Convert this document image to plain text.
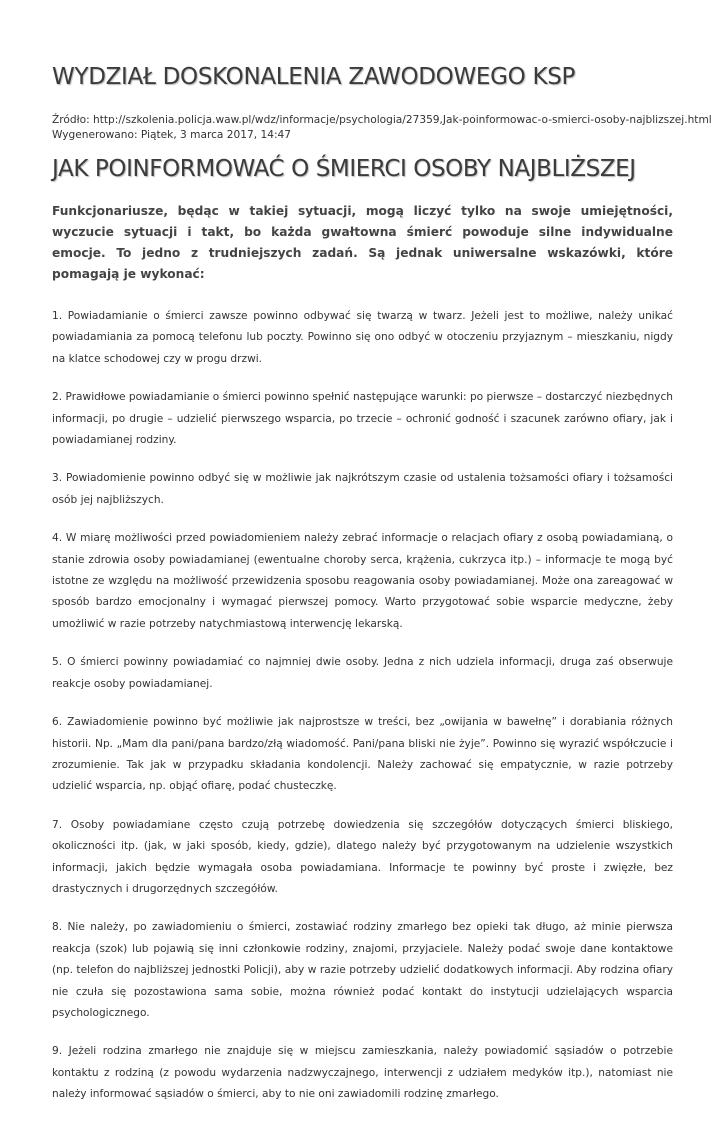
WYDZIAŁ DOSKONALENIA ZAWODOWEGO KSP
Źródło: http://szkolenia.policja.waw.pl/wdz/informacje/psychologia/27359,Jak-poinformowac-o-smierci-osoby-najblizszej.html
Wygenerowano: Piątek, 3 marca 2017, 14:47
JAK POINFORMOWAĆ O ŚMIERCI OSOBY NAJBLIŻSZEJ

Funkcjonariusze, będąc w takiej sytuacji, mogą liczyć tylko na swoje umiejętności, wyczucie sytuacji i takt, bo każda gwałtowna śmierć powoduje silne indywidualne emocje. To jedno z trudniejszych zadań. Są jednak uniwersalne wskazówki, które pomagają je wykonać:

1. Powiadamianie o śmierci zawsze powinno odbywać się twarzą w twarz. Jeżeli jest to możliwe, należy unikać powiadamiania za pomocą telefonu lub poczty. Powinno się ono odbyć w otoczeniu przyjaznym – mieszkaniu, nigdy na klatce schodowej czy w progu drzwi.

2. Prawidłowe powiadamianie o śmierci powinno spełnić następujące warunki: po pierwsze – dostarczyć niezbędnych informacji, po drugie – udzielić pierwszego wsparcia, po trzecie – ochronić godność i szacunek zarówno ofiary, jak i powiadamianej rodziny.

3. Powiadomienie powinno odbyć się w możliwie jak najkrótszym czasie od ustalenia tożsamości ofiary i tożsamości osób jej najbliższych.

4. W miarę możliwości przed powiadomieniem należy zebrać informacje o relacjach ofiary z osobą powiadamianą, o stanie zdrowia osoby powiadamianej (ewentualne choroby serca, krążenia, cukrzyca itp.) – informacje te mogą być istotne ze względu na możliwość przewidzenia sposobu reagowania osoby powiadamianej. Może ona zareagować w sposób bardzo emocjonalny i wymagać pierwszej pomocy. Warto przygotować sobie wsparcie medyczne, żeby umożliwić w razie potrzeby natychmiastową interwencję lekarską.

5. O śmierci powinny powiadamiać co najmniej dwie osoby. Jedna z nich udziela informacji, druga zaś obserwuje reakcje osoby powiadamianej.

6. Zawiadomienie powinno być możliwie jak najprostsze w treści, bez „owijania w bawełnę” i dorabiania różnych historii. Np. „Mam dla pani/pana bardzo/złą wiadomość. Pani/pana bliski nie żyje”. Powinno się wyrazić współczucie i zrozumienie. Tak jak w przypadku składania kondolencji. Należy zachować się empatycznie, w razie potrzeby udzielić wsparcia, np. objąć ofiarę, podać chusteczkę.

7. Osoby powiadamiane często czują potrzebę dowiedzenia się szczegółów dotyczących śmierci bliskiego, okoliczności itp. (jak, w jaki sposób, kiedy, gdzie), dlatego należy być przygotowanym na udzielenie wszystkich informacji, jakich będzie wymagała osoba powiadamiana. Informacje te powinny być proste i zwięzłe, bez drastycznych i drugorzędnych szczegółów.

8. Nie należy, po zawiadomieniu o śmierci, zostawiać rodziny zmarłego bez opieki tak długo, aż minie pierwsza reakcja (szok) lub pojawią się inni członkowie rodziny, znajomi, przyjaciele. Należy podać swoje dane kontaktowe (np. telefon do najbliższej jednostki Policji), aby w razie potrzeby udzielić dodatkowych informacji. Aby rodzina ofiary nie czuła się pozostawiona sama sobie, można również podać kontakt do instytucji udzielających wsparcia psychologicznego.

9. Jeżeli rodzina zmarłego nie znajduje się w miejscu zamieszkania, należy powiadomić sąsiadów o potrzebie kontaktu z rodziną (z powodu wydarzenia nadzwyczajnego, interwencji z udziałem medyków itp.), natomiast nie należy informować sąsiadów o śmierci, aby to nie oni zawiadomili rodzinę zmarłego.
